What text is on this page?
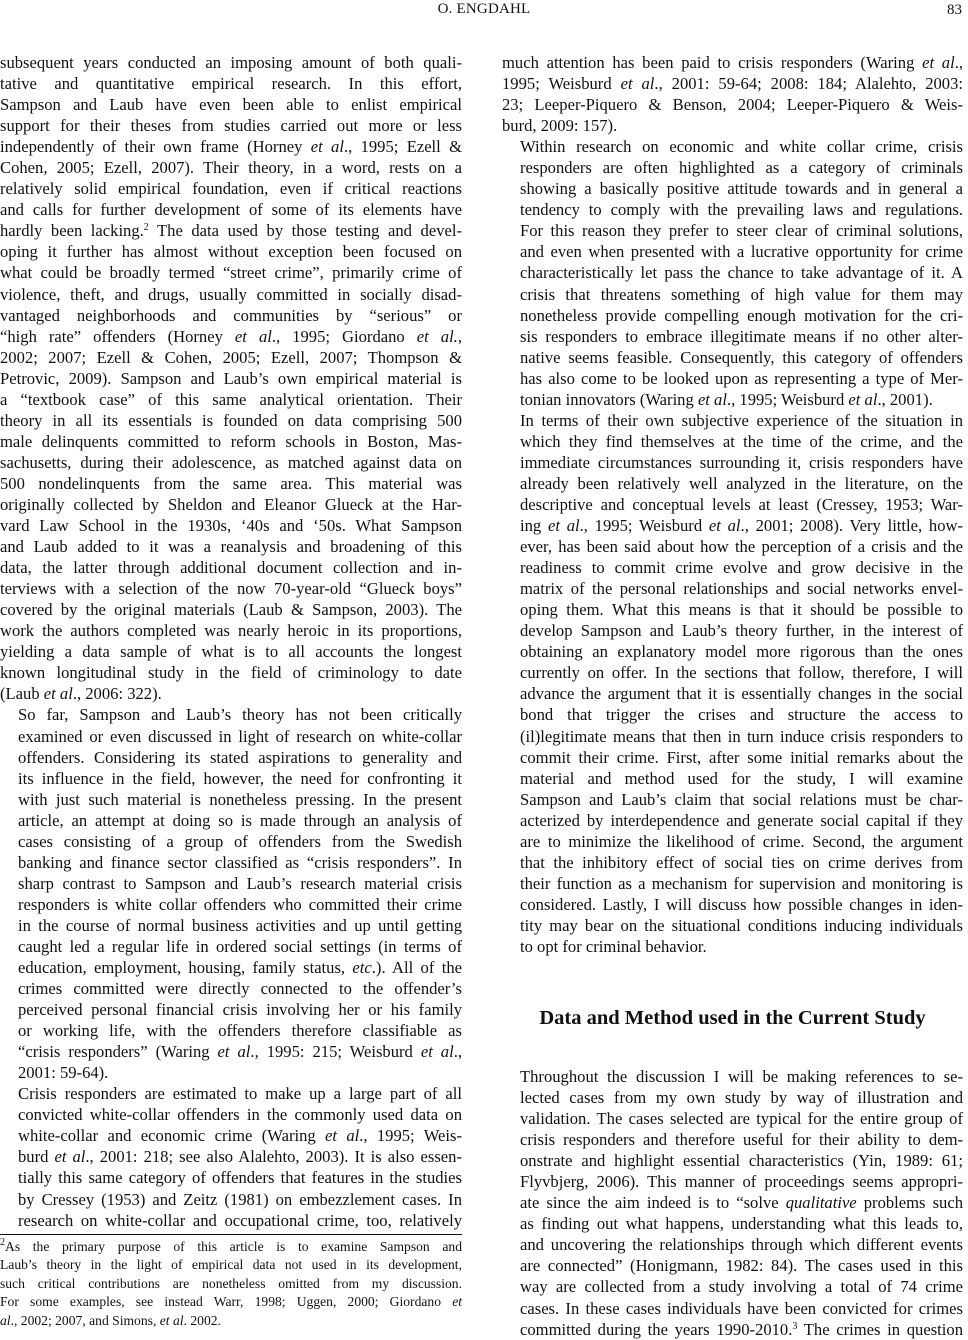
O. ENGDAHL	83

subsequent years conducted an imposing amount of both quali-
tative and quantitative empirical research. In this effort,
Sampson and Laub have even been able to enlist empirical
support for their theses from studies carried out more or less
independently of their own frame (Horney et al., 1995; Ezell &
Cohen, 2005; Ezell, 2007). Their theory, in a word, rests on a
relatively solid empirical foundation, even if critical reactions
and calls for further development of some of its elements have
hardly been lacking.$^2$ The data used by those testing and devel-
oping it further has almost without exception been focused on
what could be broadly termed “street crime”, primarily crime of
violence, theft, and drugs, usually committed in socially disad-
vantaged neighborhoods and communities by “serious” or
“high rate” offenders (Horney et al., 1995; Giordano et al.,
2002; 2007; Ezell & Cohen, 2005; Ezell, 2007; Thompson &
Petrovic, 2009). Sampson and Laub’s own empirical material is
a “textbook case” of this same analytical orientation. Their
theory in all its essentials is founded on data comprising 500
male delinquents committed to reform schools in Boston, Mas-
sachusetts, during their adolescence, as matched against data on
500 nondelinquents from the same area. This material was
originally collected by Sheldon and Eleanor Glueck at the Har-
vard Law School in the 1930s, ‘40s and ‘50s. What Sampson
and Laub added to it was a reanalysis and broadening of this
data, the latter through additional document collection and in-
terviews with a selection of the now 70-year-old “Glueck boys”
covered by the original materials (Laub & Sampson, 2003). The
work the authors completed was nearly heroic in its proportions,
yielding a data sample of what is to all accounts the longest
known longitudinal study in the field of criminology to date
(Laub et al., 2006: 322).

So far, Sampson and Laub’s theory has not been critically
examined or even discussed in light of research on white-collar
offenders. Considering its stated aspirations to generality and
its influence in the field, however, the need for confronting it
with just such material is nonetheless pressing. In the present
article, an attempt at doing so is made through an analysis of
cases consisting of a group of offenders from the Swedish
banking and finance sector classified as “crisis responders”. In
sharp contrast to Sampson and Laub’s research material crisis
responders is white collar offenders who committed their crime
in the course of normal business activities and up until getting
caught led a regular life in ordered social settings (in terms of
education, employment, housing, family status, etc.). All of the
crimes committed were directly connected to the offender’s
perceived personal financial crisis involving her or his family
or working life, with the offenders therefore classifiable as
“crisis responders” (Waring et al., 1995: 215; Weisburd et al.,
2001: 59-64).

Crisis responders are estimated to make up a large part of all
convicted white-collar offenders in the commonly used data on
white-collar and economic crime (Waring et al., 1995; Weis-
burd et al., 2001: 218; see also Alalehto, 2003). It is also essen-
tially this same category of offenders that features in the studies
by Cressey (1953) and Zeitz (1981) on embezzlement cases. In
research on white-collar and occupational crime, too, relatively

much attention has been paid to crisis responders (Waring et al.,
1995; Weisburd et al., 2001: 59-64; 2008: 184; Alalehto, 2003:
23; Leeper-Piquero & Benson, 2004; Leeper-Piquero & Weis-
burd, 2009: 157).

Within research on economic and white collar crime, crisis
responders are often highlighted as a category of criminals
showing a basically positive attitude towards and in general a
tendency to comply with the prevailing laws and regulations.
For this reason they prefer to steer clear of criminal solutions,
and even when presented with a lucrative opportunity for crime
characteristically let pass the chance to take advantage of it. A
crisis that threatens something of high value for them may
nonetheless provide compelling enough motivation for the cri-
sis responders to embrace illegitimate means if no other alter-
native seems feasible. Consequently, this category of offenders
has also come to be looked upon as representing a type of Mer-
tonian innovators (Waring et al., 1995; Weisburd et al., 2001).

In terms of their own subjective experience of the situation in
which they find themselves at the time of the crime, and the
immediate circumstances surrounding it, crisis responders have
already been relatively well analyzed in the literature, on the
descriptive and conceptual levels at least (Cressey, 1953; War-
ing et al., 1995; Weisburd et al., 2001; 2008). Very little, how-
ever, has been said about how the perception of a crisis and the
readiness to commit crime evolve and grow decisive in the
matrix of the personal relationships and social networks envel-
oping them. What this means is that it should be possible to
develop Sampson and Laub’s theory further, in the interest of
obtaining an explanatory model more rigorous than the ones
currently on offer. In the sections that follow, therefore, I will
advance the argument that it is essentially changes in the social
bond that trigger the crises and structure the access to
(il)legitimate means that then in turn induce crisis responders to
commit their crime. First, after some initial remarks about the
material and method used for the study, I will examine
Sampson and Laub’s claim that social relations must be char-
acterized by interdependence and generate social capital if they
are to minimize the likelihood of crime. Second, the argument
that the inhibitory effect of social ties on crime derives from
their function as a mechanism for supervision and monitoring is
considered. Lastly, I will discuss how possible changes in iden-
tity may bear on the situational conditions inducing individuals
to opt for criminal behavior.

Data and Method used in the Current Study

Throughout the discussion I will be making references to se-
lected cases from my own study by way of illustration and
validation. The cases selected are typical for the entire group of
crisis responders and therefore useful for their ability to dem-
onstrate and highlight essential characteristics (Yin, 1989: 61;
Flyvbjerg, 2006). This manner of proceedings seems appropri-
ate since the aim indeed is to “solve qualitative problems such
as finding out what happens, understanding what this leads to,
and uncovering the relationships through which different events
are connected” (Honigmann, 1982: 84). The cases used in this
way are collected from a study involving a total of 74 crime
cases. In these cases individuals have been convicted for crimes
committed during the years 1990-2010.$^3$ The crimes in question

$^2$As the primary purpose of this article is to examine Sampson and
Laub’s theory in the light of empirical data not used in its development,
such critical contributions are nonetheless omitted from my discussion.
For some examples, see instead Warr, 1998; Uggen, 2000; Giordano et
al., 2002; 2007, and Simons, et al. 2002.
